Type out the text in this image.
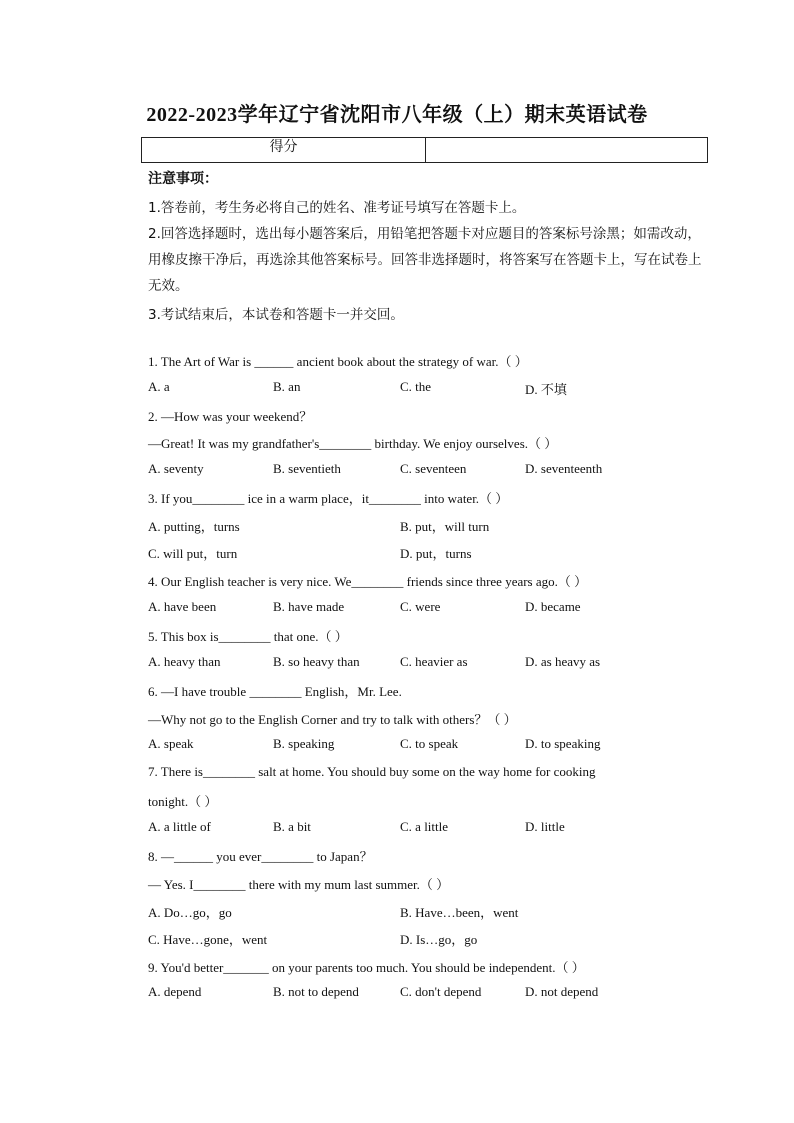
2022-2023学年辽宁省沈阳市八年级（上）期末英语试卷
得分
注意事项：
1.答卷前，考生务必将自己的姓名、准考证号填写在答题卡上。
2.回答选择题时，选出每小题答案后，用铅笔把答题卡对应题目的答案标号涂黑；如需改动，用橡皮擦干净后，再选涂其他答案标号。回答非选择题时，将答案写在答题卡上，写在试卷上无效。
3.考试结束后，本试卷和答题卡一并交回。
1. The Art of War is ______ ancient book about the strategy of war.（ ）
A. a	B. an	C. the	D. 不填
2. —How was your weekend？
—Great! It was my grandfather's________ birthday. We enjoy ourselves.（ ）
A. seventy	B. seventieth	C. seventeen	D. seventeenth
3. If you________ ice in a warm place，it________ into water.（ ）
A. putting，turns	B. put，will turn
C. will put，turn	D. put，turns
4. Our English teacher is very nice. We________ friends since three years ago.（ ）
A. have been	B. have made	C. were	D. became
5. This box is________ that one.（ ）
A. heavy than	B. so heavy than	C. heavier as	D. as heavy as
6. —I have trouble ________ English，Mr. Lee.
—Why not go to the English Corner and try to talk with others？（ ）
A. speak	B. speaking	C. to speak	D. to speaking
7. There is________ salt at home. You should buy some on the way home for cooking
tonight.（ ）
A. a little of	B. a bit	C. a little	D. little
8. —______ you ever________ to Japan？
— Yes. I________ there with my mum last summer.（ ）
A. Do…go，go	B. Have…been，went
C. Have…gone，went	D. Is…go，go
9. You'd better_______ on your parents too much. You should be independent.（ ）
A. depend	B. not to depend	C. don't depend	D. not depend
